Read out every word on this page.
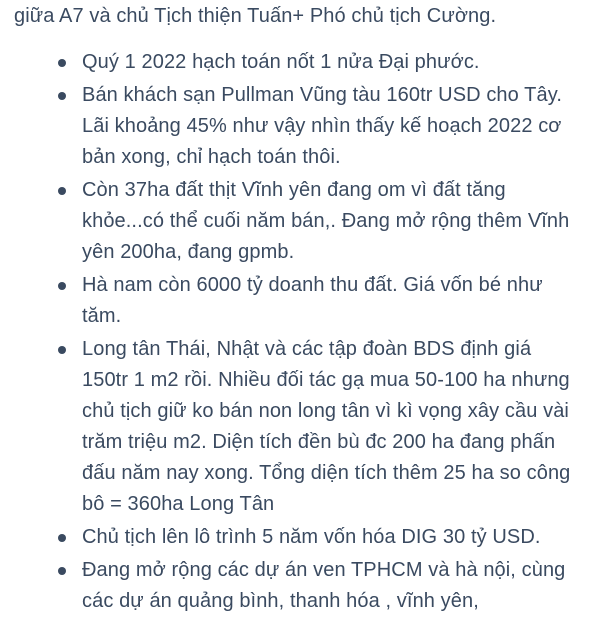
giữa A7 và chủ Tịch thiện Tuấn+ Phó chủ tịch Cường.
Quý 1 2022 hạch toán nốt 1 nửa Đại phước.
Bán khách sạn Pullman Vũng tàu 160tr USD cho Tây. Lãi khoảng 45% như vậy nhìn thấy kế hoạch 2022 cơ bản xong, chỉ hạch toán thôi.
Còn 37ha đất thịt Vĩnh yên đang om vì đất tăng khỏe...có thể cuối năm bán,. Đang mở rộng thêm Vĩnh yên 200ha, đang gpmb.
Hà nam còn 6000 tỷ doanh thu đất. Giá vốn bé như tăm.
Long tân Thái, Nhật và các tập đoàn BDS định giá 150tr 1 m2 rồi. Nhiều đối tác gạ mua 50-100 ha nhưng chủ tịch giữ ko bán non long tân vì kì vọng xây cầu vài trăm triệu m2. Diện tích đền bù đc 200 ha đang phấn đấu năm nay xong. Tổng diện tích thêm 25 ha so công bô = 360ha Long Tân
Chủ tịch lên lô trình 5 năm vốn hóa DIG 30 tỷ USD.
Đang mở rộng các dự án ven TPHCM và hà nội, cùng các dự án quảng bình, thanh hóa , vĩnh yên,
